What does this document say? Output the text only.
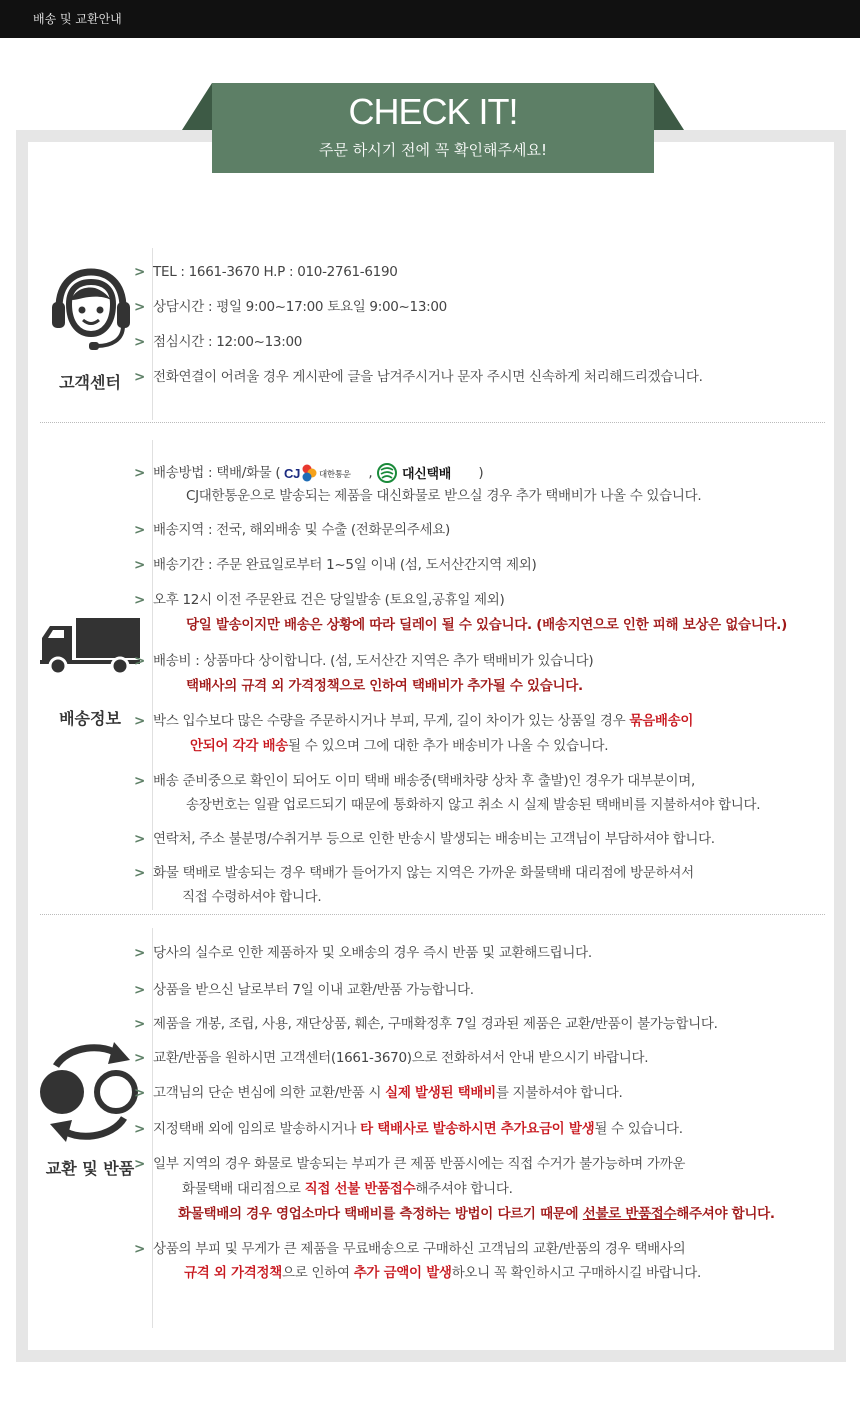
배송 및 교환안내
CHECK IT!
주문 하시기 전에 꼭 확인해주세요!
고객센터
> TEL : 1661-3670 H.P : 010-2761-6190
> 상담시간 : 평일 9:00~17:00 토요일 9:00~13:00
> 점심시간 : 12:00~13:00
> 전화연결이 어려울 경우 게시판에 글을 남겨주시거나 문자 주시면 신속하게 처리해드리겠습니다.
배송정보
> 배송방법 : 택배/화물 ( CJ 대한통운 , 대신택배 )
CJ대한통운으로 발송되는 제품을 대신화물로 받으실 경우 추가 택배비가 나올 수 있습니다.
> 배송지역 : 전국, 해외배송 및 수출 (전화문의주세요)
> 배송기간 : 주문 완료일로부터 1~5일 이내 (섬, 도서산간지역 제외)
> 오후 12시 이전 주문완료 건은 당일발송 (토요일,공휴일 제외)
당일 발송이지만 배송은 상황에 따라 딜레이 될 수 있습니다. (배송지연으로 인한 피해 보상은 없습니다.)
> 배송비 : 상품마다 상이합니다. (섬, 도서산간 지역은 추가 택배비가 있습니다)
택배사의 규격 외 가격정책으로 인하여 택배비가 추가될 수 있습니다.
> 박스 입수보다 많은 수량을 주문하시거나 부피, 무게, 길이 차이가 있는 상품일 경우 묶음배송이
안되어 각각 배송될 수 있으며 그에 대한 추가 배송비가 나올 수 있습니다.
> 배송 준비중으로 확인이 되어도 이미 택배 배송중(택배차량 상차 후 출발)인 경우가 대부분이며,
송장번호는 일괄 업로드되기 때문에 통화하지 않고 취소 시 실제 발송된 택배비를 지불하셔야 합니다.
> 연락처, 주소 불분명/수취거부 등으로 인한 반송시 발생되는 배송비는 고객님이 부담하셔야 합니다.
> 화물 택배로 발송되는 경우 택배가 들어가지 않는 지역은 가까운 화물택배 대리점에 방문하셔서
직접 수령하셔야 합니다.
교환 및 반품
> 당사의 실수로 인한 제품하자 및 오배송의 경우 즉시 반품 및 교환해드립니다.
> 상품을 받으신 날로부터 7일 이내 교환/반품 가능합니다.
> 제품을 개봉, 조립, 사용, 재단상품, 훼손, 구매확정후 7일 경과된 제품은 교환/반품이 불가능합니다.
> 교환/반품을 원하시면 고객센터(1661-3670)으로 전화하셔서 안내 받으시기 바랍니다.
> 고객님의 단순 변심에 의한 교환/반품 시 실제 발생된 택배비를 지불하셔야 합니다.
> 지정택배 외에 임의로 발송하시거나 타 택배사로 발송하시면 추가요금이 발생될 수 있습니다.
> 일부 지역의 경우 화물로 발송되는 부피가 큰 제품 반품시에는 직접 수거가 불가능하며 가까운
화물택배 대리점으로 직접 선불 반품접수해주셔야 합니다.
화물택배의 경우 영업소마다 택배비를 측정하는 방법이 다르기 때문에 선불로 반품접수해주셔야 합니다.
> 상품의 부피 및 무게가 큰 제품을 무료배송으로 구매하신 고객님의 교환/반품의 경우 택배사의
규격 외 가격정책으로 인하여 추가 금액이 발생하오니 꼭 확인하시고 구매하시길 바랍니다.
